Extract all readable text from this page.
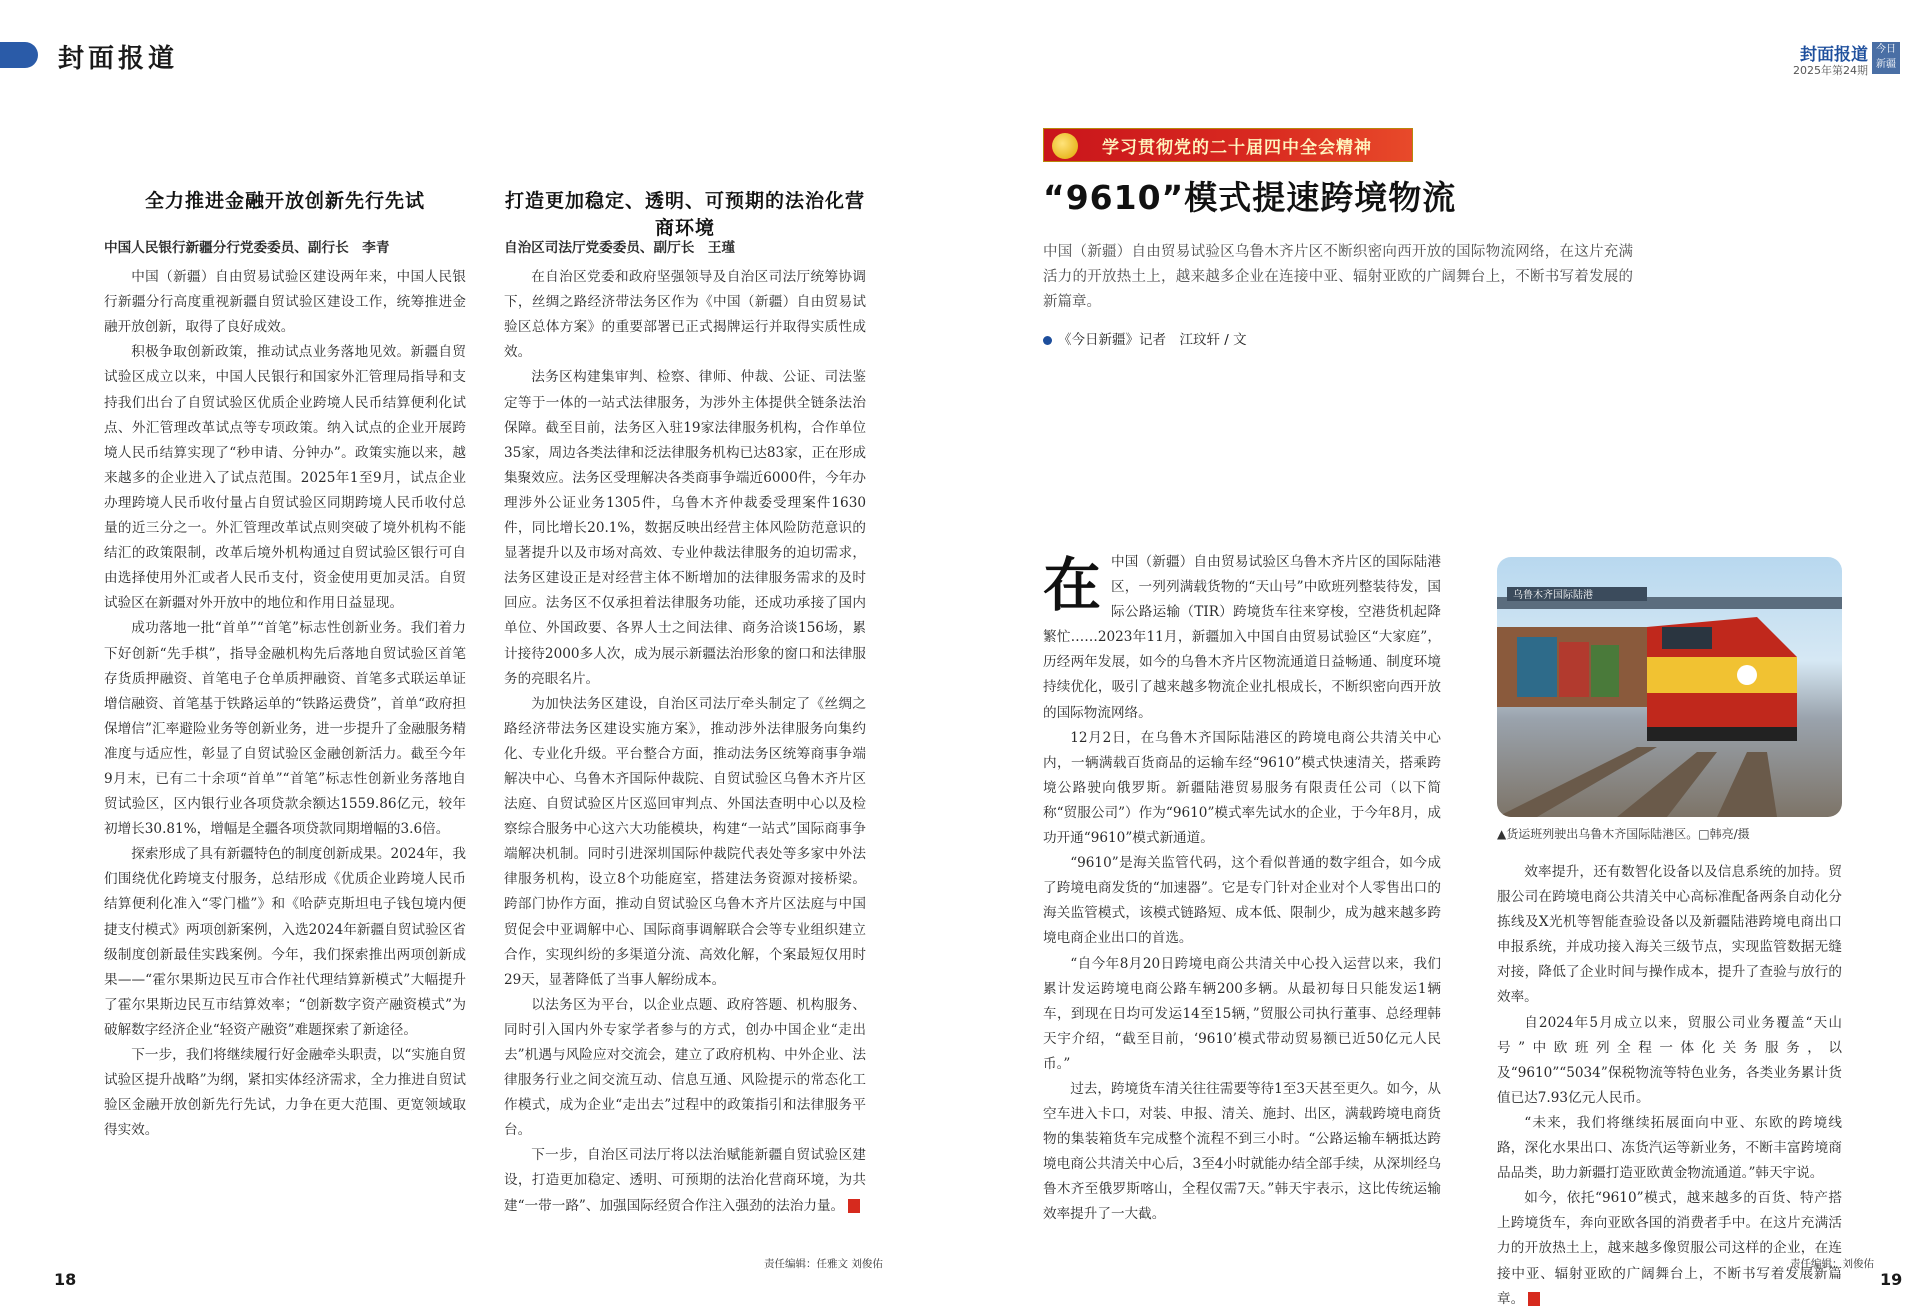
封面报道
全力推进金融开放创新先行先试

中国人民银行新疆分行党委委员、副行长　李青

中国（新疆）自由贸易试验区建设两年来，中国人民银行新疆分行高度重视新疆自贸试验区建设工作，统筹推进金融开放创新，取得了良好成效。

积极争取创新政策，推动试点业务落地见效。新疆自贸试验区成立以来，中国人民银行和国家外汇管理局指导和支持我们出台了自贸试验区优质企业跨境人民币结算便利化试点、外汇管理改革试点等专项政策。纳入试点的企业开展跨境人民币结算实现了“秒申请、分钟办”。政策实施以来，越来越多的企业进入了试点范围。2025年1至9月，试点企业办理跨境人民币收付量占自贸试验区同期跨境人民币收付总量的近三分之一。外汇管理改革试点则突破了境外机构不能结汇的政策限制，改革后境外机构通过自贸试验区银行可自由选择使用外汇或者人民币支付，资金使用更加灵活。自贸试验区在新疆对外开放中的地位和作用日益显现。

成功落地一批“首单”“首笔”标志性创新业务。我们着力下好创新“先手棋”，指导金融机构先后落地自贸试验区首笔存货质押融资、首笔电子仓单质押融资、首笔多式联运单证增信融资、首笔基于铁路运单的“铁路运费贷”，首单“政府担保增信”汇率避险业务等创新业务，进一步提升了金融服务精准度与适应性，彰显了自贸试验区金融创新活力。截至今年9月末，已有二十余项“首单”“首笔”标志性创新业务落地自贸试验区，区内银行业各项贷款余额达1559.86亿元，较年初增长30.81%，增幅是全疆各项贷款同期增幅的3.6倍。

探索形成了具有新疆特色的制度创新成果。2024年，我们围绕优化跨境支付服务，总结形成《优质企业跨境人民币结算便利化准入“零门槛”》和《哈萨克斯坦电子钱包境内便捷支付模式》两项创新案例，入选2024年新疆自贸试验区省级制度创新最佳实践案例。今年，我们探索推出两项创新成果——“霍尔果斯边民互市合作社代理结算新模式”大幅提升了霍尔果斯边民互市结算效率；“创新数字资产融资模式”为破解数字经济企业“轻资产融资”难题探索了新途径。

下一步，我们将继续履行好金融牵头职责，以“实施自贸试验区提升战略”为纲，紧扣实体经济需求，全力推进自贸试验区金融开放创新先行先试，力争在更大范围、更宽领域取得实效。

打造更加稳定、透明、可预期的法治化营商环境

自治区司法厅党委委员、副厅长　王瑾

在自治区党委和政府坚强领导及自治区司法厅统筹协调下，丝绸之路经济带法务区作为《中国（新疆）自由贸易试验区总体方案》的重要部署已正式揭牌运行并取得实质性成效。

法务区构建集审判、检察、律师、仲裁、公证、司法鉴定等于一体的一站式法律服务，为涉外主体提供全链条法治保障。截至目前，法务区入驻19家法律服务机构，合作单位35家，周边各类法律和泛法律服务机构已达83家，正在形成集聚效应。法务区受理解决各类商事争端近6000件，今年办理涉外公证业务1305件，乌鲁木齐仲裁委受理案件1630件，同比增长20.1%，数据反映出经营主体风险防范意识的显著提升以及市场对高效、专业仲裁法律服务的迫切需求，法务区建设正是对经营主体不断增加的法律服务需求的及时回应。法务区不仅承担着法律服务功能，还成功承接了国内单位、外国政要、各界人士之间法律、商务洽谈156场，累计接待2000多人次，成为展示新疆法治形象的窗口和法律服务的亮眼名片。

为加快法务区建设，自治区司法厅牵头制定了《丝绸之路经济带法务区建设实施方案》，推动涉外法律服务向集约化、专业化升级。平台整合方面，推动法务区统筹商事争端解决中心、乌鲁木齐国际仲裁院、自贸试验区乌鲁木齐片区法庭、自贸试验区片区巡回审判点、外国法查明中心以及检察综合服务中心这六大功能模块，构建“一站式”国际商事争端解决机制。同时引进深圳国际仲裁院代表处等多家中外法律服务机构，设立8个功能庭室，搭建法务资源对接桥梁。跨部门协作方面，推动自贸试验区乌鲁木齐片区法庭与中国贸促会中亚调解中心、国际商事调解联合会等专业组织建立合作，实现纠纷的多渠道分流、高效化解，个案最短仅用时29天，显著降低了当事人解纷成本。

以法务区为平台，以企业点题、政府答题、机构服务、同时引入国内外专家学者参与的方式，创办中国企业“走出去”机遇与风险应对交流会，建立了政府机构、中外企业、法律服务行业之间交流互动、信息互通、风险提示的常态化工作模式，成为企业“走出去”过程中的政策指引和法律服务平台。

下一步，自治区司法厅将以法治赋能新疆自贸试验区建设，打造更加稳定、透明、可预期的法治化营商环境，为共建“一带一路”、加强国际经贸合作注入强劲的法治力量。

责任编辑：任雅文 刘俊佑
18
封面报道
2025年第24期
今日
新疆
学习贯彻党的二十届四中全会精神
“9610”模式提速跨境物流
中国（新疆）自由贸易试验区乌鲁木齐片区不断织密向西开放的国际物流网络，在这片充满活力的开放热土上，越来越多企业在连接中亚、辐射亚欧的广阔舞台上，不断书写着发展的新篇章。
《今日新疆》记者　江玟轩 / 文

在中国（新疆）自由贸易试验区乌鲁木齐片区的国际陆港区，一列列满载货物的“天山号”中欧班列整装待发，国际公路运输（TIR）跨境货车往来穿梭，空港货机起降繁忙……2023年11月，新疆加入中国自由贸易试验区“大家庭”，历经两年发展，如今的乌鲁木齐片区物流通道日益畅通、制度环境持续优化，吸引了越来越多物流企业扎根成长，不断织密向西开放的国际物流网络。

12月2日，在乌鲁木齐国际陆港区的跨境电商公共清关中心内，一辆满载百货商品的运输车经“9610”模式快速清关，搭乘跨境公路驶向俄罗斯。新疆陆港贸易服务有限责任公司（以下简称“贸服公司”）作为“9610”模式率先试水的企业，于今年8月，成功开通“9610”模式新通道。

“9610”是海关监管代码，这个看似普通的数字组合，如今成了跨境电商发货的“加速器”。它是专门针对企业对个人零售出口的海关监管模式，该模式链路短、成本低、限制少，成为越来越多跨境电商企业出口的首选。

“自今年8月20日跨境电商公共清关中心投入运营以来，我们累计发运跨境电商公路车辆200多辆。从最初每日只能发运1辆车，到现在日均可发运14至15辆，”贸服公司执行董事、总经理韩天宇介绍，“截至目前，‘9610’模式带动贸易额已近50亿元人民币。”

过去，跨境货车清关往往需要等待1至3天甚至更久。如今，从空车进入卡口，对装、申报、清关、施封、出区，满载跨境电商货物的集装箱货车完成整个流程不到三小时。“公路运输车辆抵达跨境电商公共清关中心后，3至4小时就能办结全部手续，从深圳经乌鲁木齐至俄罗斯喀山，全程仅需7天。”韩天宇表示，这比传统运输效率提升了一大截。

乌鲁木齐国际陆港
▲货运班列驶出乌鲁木齐国际陆港区。□韩亮/摄

效率提升，还有数智化设备以及信息系统的加持。贸服公司在跨境电商公共清关中心高标准配备两条自动化分拣线及X光机等智能查验设备以及新疆陆港跨境电商出口申报系统，并成功接入海关三级节点，实现监管数据无缝对接，降低了企业时间与操作成本，提升了查验与放行的效率。

自2024年5月成立以来，贸服公司业务覆盖“天山号”中欧班列全程一体化关务服务，以及“9610”“5034”保税物流等特色业务，各类业务累计货值已达7.93亿元人民币。

“未来，我们将继续拓展面向中亚、东欧的跨境线路，深化水果出口、冻货汽运等新业务，不断丰富跨境商品品类，助力新疆打造亚欧黄金物流通道。”韩天宇说。

如今，依托“9610”模式，越来越多的百货、特产搭上跨境货车，奔向亚欧各国的消费者手中。在这片充满活力的开放热土上，越来越多像贸服公司这样的企业，在连接中亚、辐射亚欧的广阔舞台上，不断书写着发展新篇章。

责任编辑：刘俊佑
19
